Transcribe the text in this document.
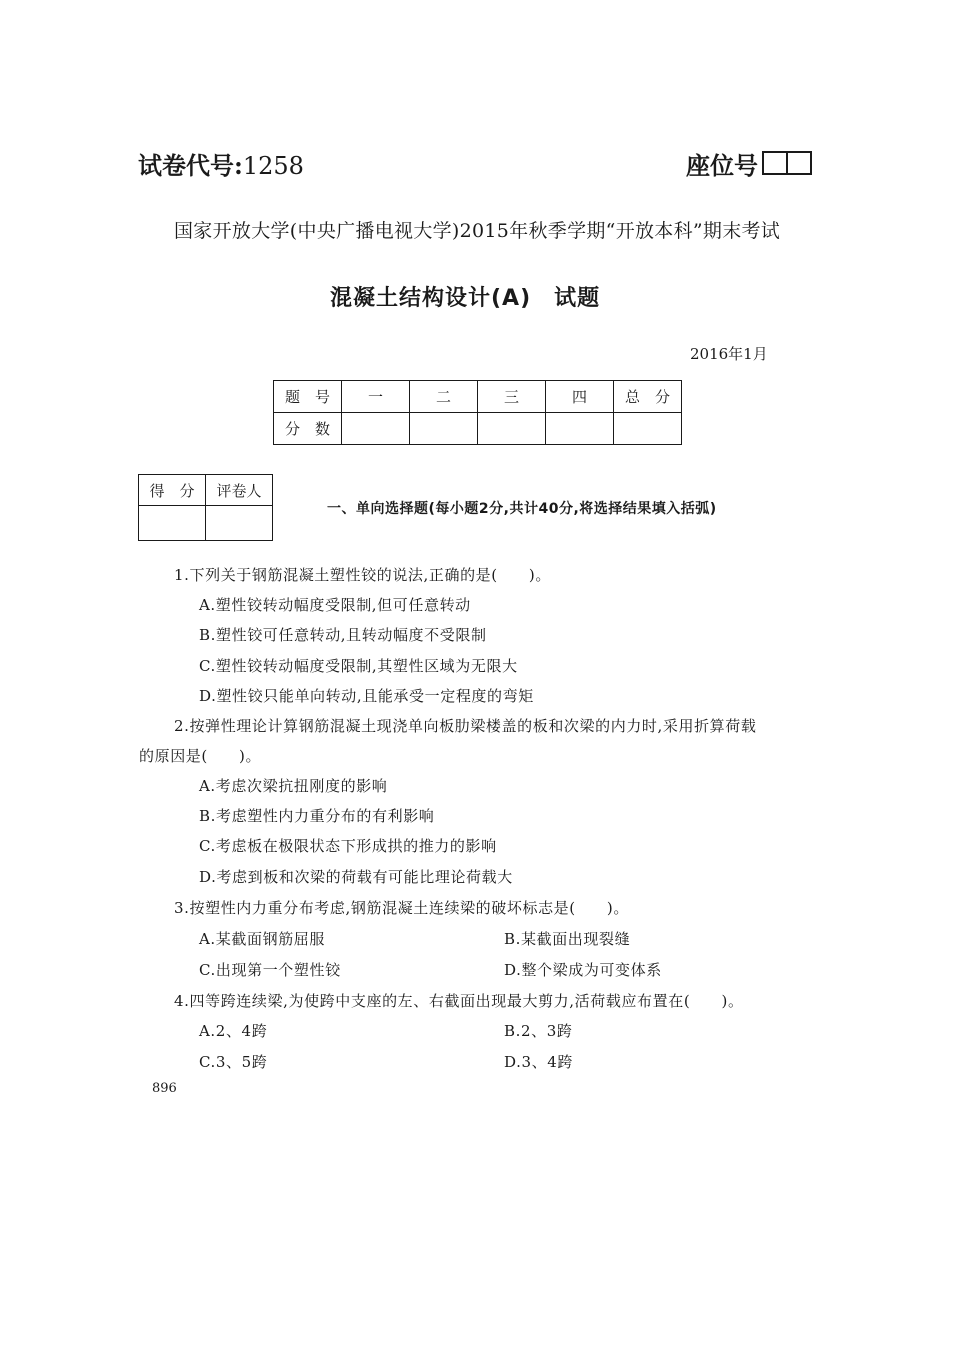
试卷代号:1258	座位号
国家开放大学(中央广播电视大学)2015年秋季学期“开放本科”期末考试
混凝土结构设计(A)　试题
2016年1月
题　号	一	二	三	四	总　分
分　数					
得　分	评卷人

一、单向选择题(每小题2分,共计40分,将选择结果填入括弧)
1.下列关于钢筋混凝土塑性铰的说法,正确的是(　　)。
A.塑性铰转动幅度受限制,但可任意转动
B.塑性铰可任意转动,且转动幅度不受限制
C.塑性铰转动幅度受限制,其塑性区域为无限大
D.塑性铰只能单向转动,且能承受一定程度的弯矩
2.按弹性理论计算钢筋混凝土现浇单向板肋梁楼盖的板和次梁的内力时,采用折算荷载
的原因是(　　)。
A.考虑次梁抗扭刚度的影响
B.考虑塑性内力重分布的有利影响
C.考虑板在极限状态下形成拱的推力的影响
D.考虑到板和次梁的荷载有可能比理论荷载大
3.按塑性内力重分布考虑,钢筋混凝土连续梁的破坏标志是(　　)。
A.某截面钢筋屈服	B.某截面出现裂缝
C.出现第一个塑性铰	D.整个梁成为可变体系
4.四等跨连续梁,为使跨中支座的左、右截面出现最大剪力,活荷载应布置在(　　)。
A.2、4跨	B.2、3跨
C.3、5跨	D.3、4跨
896
